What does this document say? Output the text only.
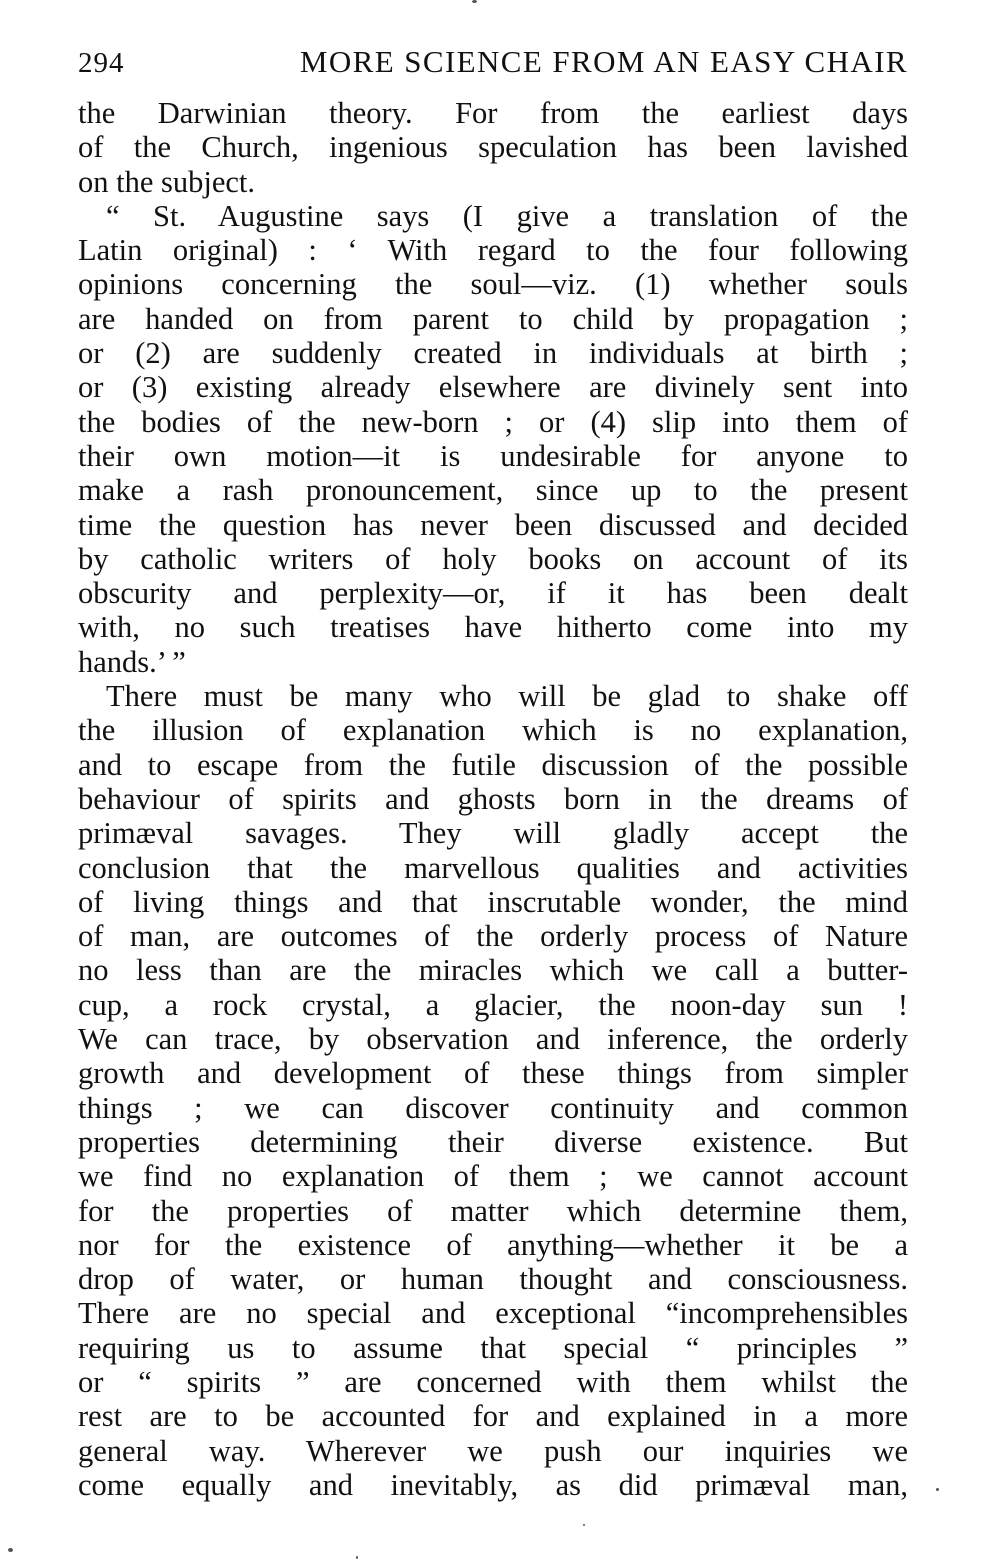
294	MORE SCIENCE FROM AN EASY CHAIR
the Darwinian theory. For from the earliest days
of the Church, ingenious speculation has been lavished
on the subject.
“ St. Augustine says (I give a translation of the
Latin original) : ‘ With regard to the four following
opinions concerning the soul—viz. (1) whether souls
are handed on from parent to child by propagation ;
or (2) are suddenly created in individuals at birth ;
or (3) existing already elsewhere are divinely sent into
the bodies of the new-born ; or (4) slip into them of
their own motion—it is undesirable for anyone to
make a rash pronouncement, since up to the present
time the question has never been discussed and decided
by catholic writers of holy books on account of its
obscurity and perplexity—or, if it has been dealt
with, no such treatises have hitherto come into my
hands.’ ”
There must be many who will be glad to shake off
the illusion of explanation which is no explanation,
and to escape from the futile discussion of the possible
behaviour of spirits and ghosts born in the dreams of
primæval savages. They will gladly accept the
conclusion that the marvellous qualities and activities
of living things and that inscrutable wonder, the mind
of man, are outcomes of the orderly process of Nature
no less than are the miracles which we call a butter-
cup, a rock crystal, a glacier, the noon-day sun !
We can trace, by observation and inference, the orderly
growth and development of these things from simpler
things ; we can discover continuity and common
properties determining their diverse existence. But
we find no explanation of them ; we cannot account
for the properties of matter which determine them,
nor for the existence of anything—whether it be a
drop of water, or human thought and consciousness.
There are no special and exceptional “incomprehensibles
requiring us to assume that special “ principles ”
or “ spirits ” are concerned with them whilst the
rest are to be accounted for and explained in a more
general way. Wherever we push our inquiries we
come equally and inevitably, as did primæval man,
